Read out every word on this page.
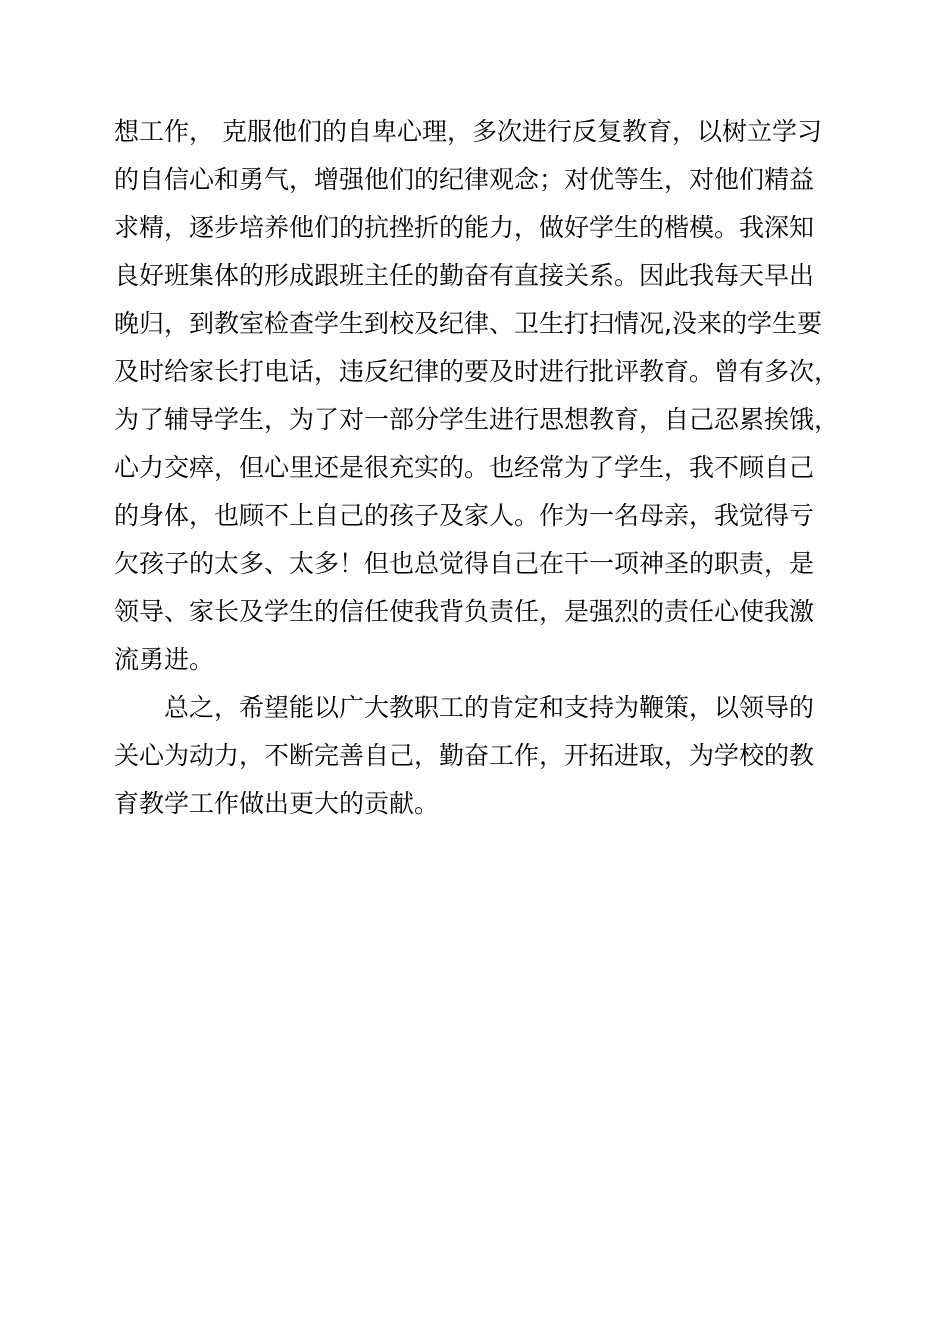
想工作， 克服他们的自卑心理，多次进行反复教育，以树立学习
的自信心和勇气，增强他们的纪律观念；对优等生，对他们精益
求精，逐步培养他们的抗挫折的能力，做好学生的楷模。我深知
良好班集体的形成跟班主任的勤奋有直接关系。因此我每天早出
晚归，到教室检查学生到校及纪律、卫生打扫情况,没来的学生要
及时给家长打电话，违反纪律的要及时进行批评教育。曾有多次，
为了辅导学生，为了对一部分学生进行思想教育，自己忍累挨饿，
心力交瘁，但心里还是很充实的。也经常为了学生，我不顾自己
的身体，也顾不上自己的孩子及家人。作为一名母亲，我觉得亏
欠孩子的太多、太多！但也总觉得自己在干一项神圣的职责，是
领导、家长及学生的信任使我背负责任，是强烈的责任心使我激
流勇进。
总之，希望能以广大教职工的肯定和支持为鞭策，以领导的
关心为动力，不断完善自己，勤奋工作，开拓进取，为学校的教
育教学工作做出更大的贡献。
